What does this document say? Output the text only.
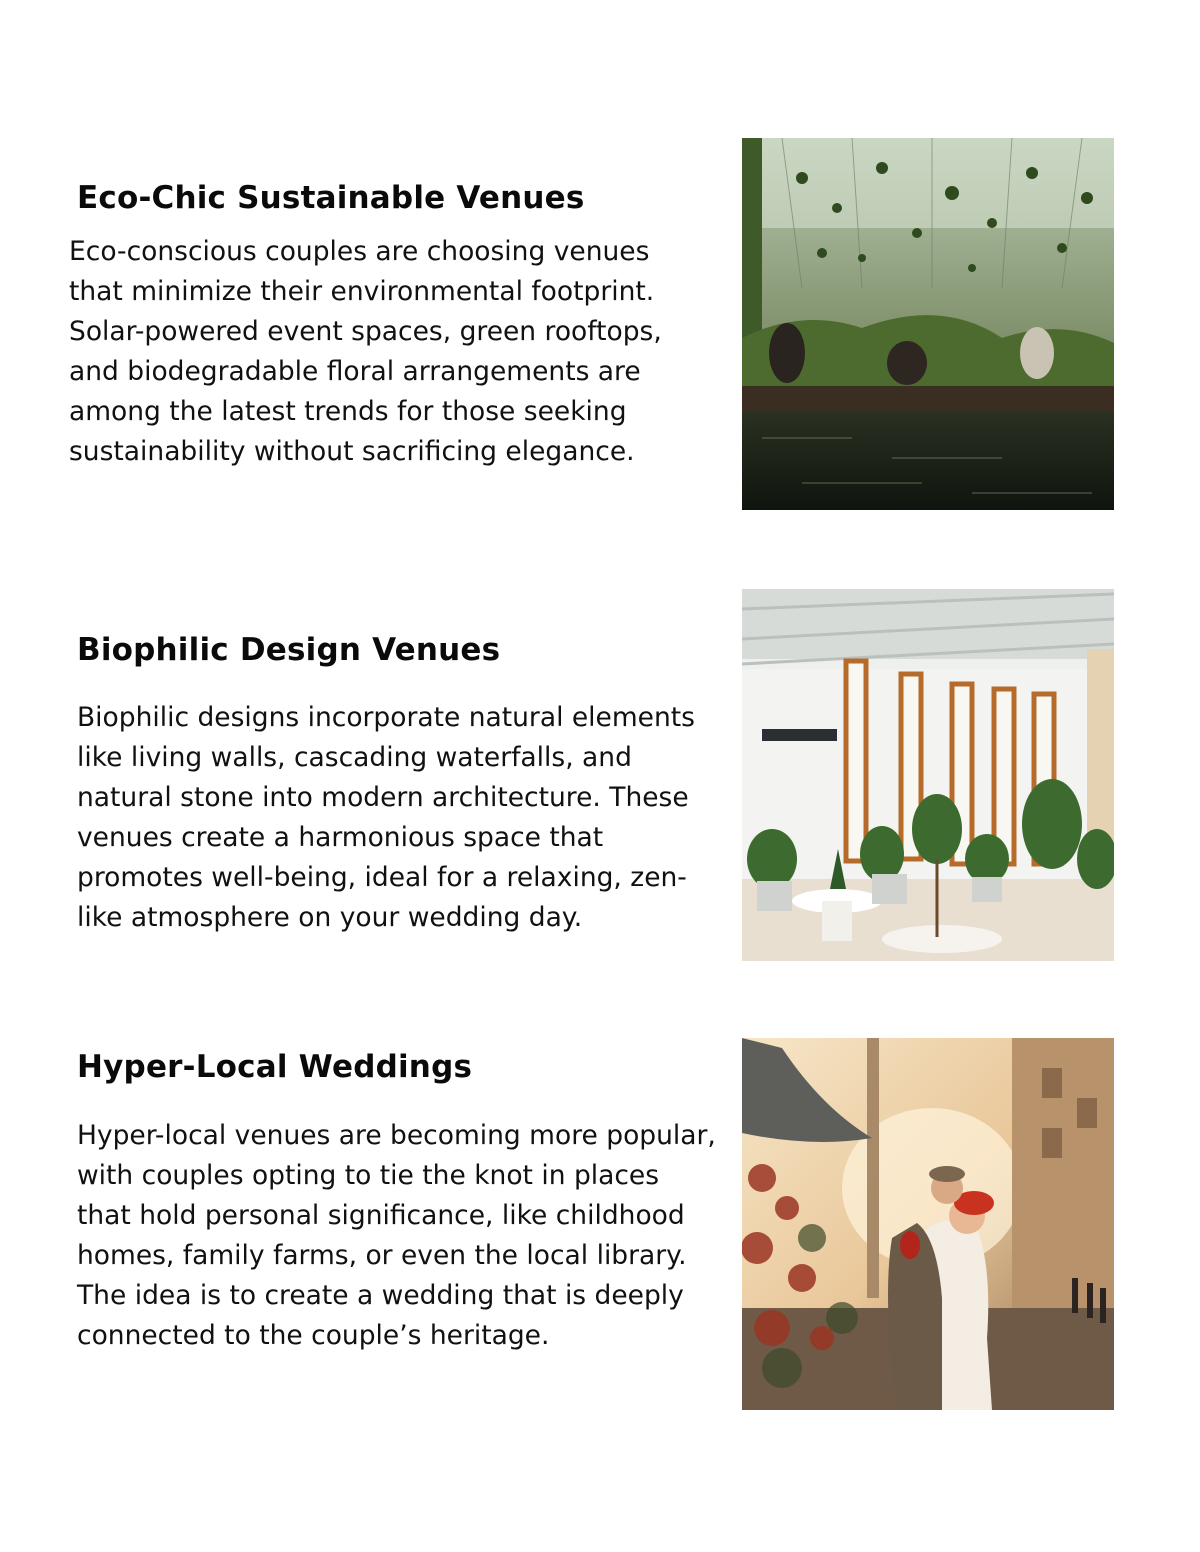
Eco-Chic Sustainable Venues

Eco-conscious couples are choosing venues that minimize their environmental footprint. Solar-powered event spaces, green rooftops, and biodegradable floral arrangements are among the latest trends for those seeking sustainability without sacrificing elegance.

Biophilic Design Venues

Biophilic designs incorporate natural elements like living walls, cascading waterfalls, and natural stone into modern architecture. These venues create a harmonious space that promotes well-being, ideal for a relaxing, zen-like atmosphere on your wedding day.

Hyper-Local Weddings

Hyper-local venues are becoming more popular, with couples opting to tie the knot in places that hold personal significance, like childhood homes, family farms, or even the local library. The idea is to create a wedding that is deeply connected to the couple’s heritage.
